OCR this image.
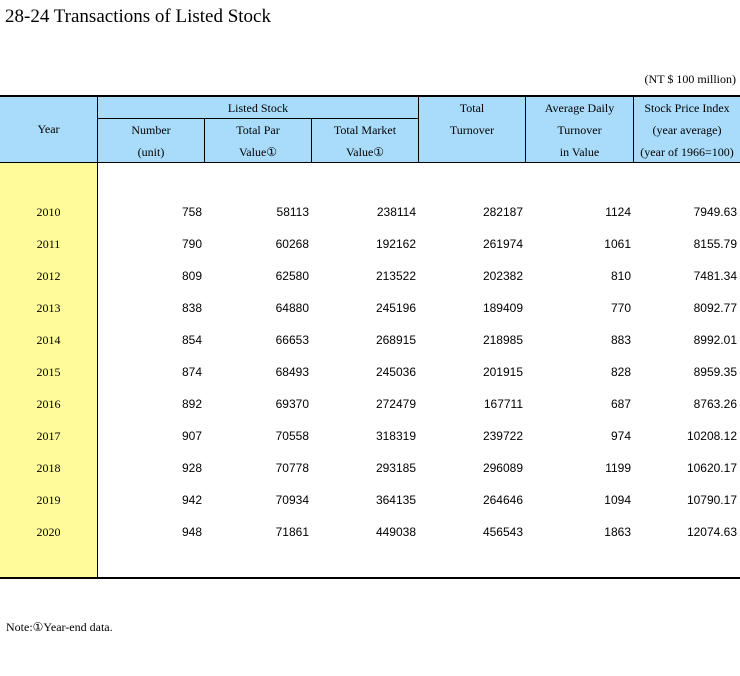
28-24 Transactions of Listed Stock
(NT $ 100 million)
Year
Listed Stock
Number
(unit)
Total Par
Value①
Total Market
Value①
Total
Turnover
Average Daily
Turnover
in Value
Stock Price Index
(year average)
(year of 1966=100)
2010	758	58113	238114	282187	1124	7949.63
2011	790	60268	192162	261974	1061	8155.79
2012	809	62580	213522	202382	810	7481.34
2013	838	64880	245196	189409	770	8092.77
2014	854	66653	268915	218985	883	8992.01
2015	874	68493	245036	201915	828	8959.35
2016	892	69370	272479	167711	687	8763.26
2017	907	70558	318319	239722	974	10208.12
2018	928	70778	293185	296089	1199	10620.17
2019	942	70934	364135	264646	1094	10790.17
2020	948	71861	449038	456543	1863	12074.63
Note:①Year-end data.
